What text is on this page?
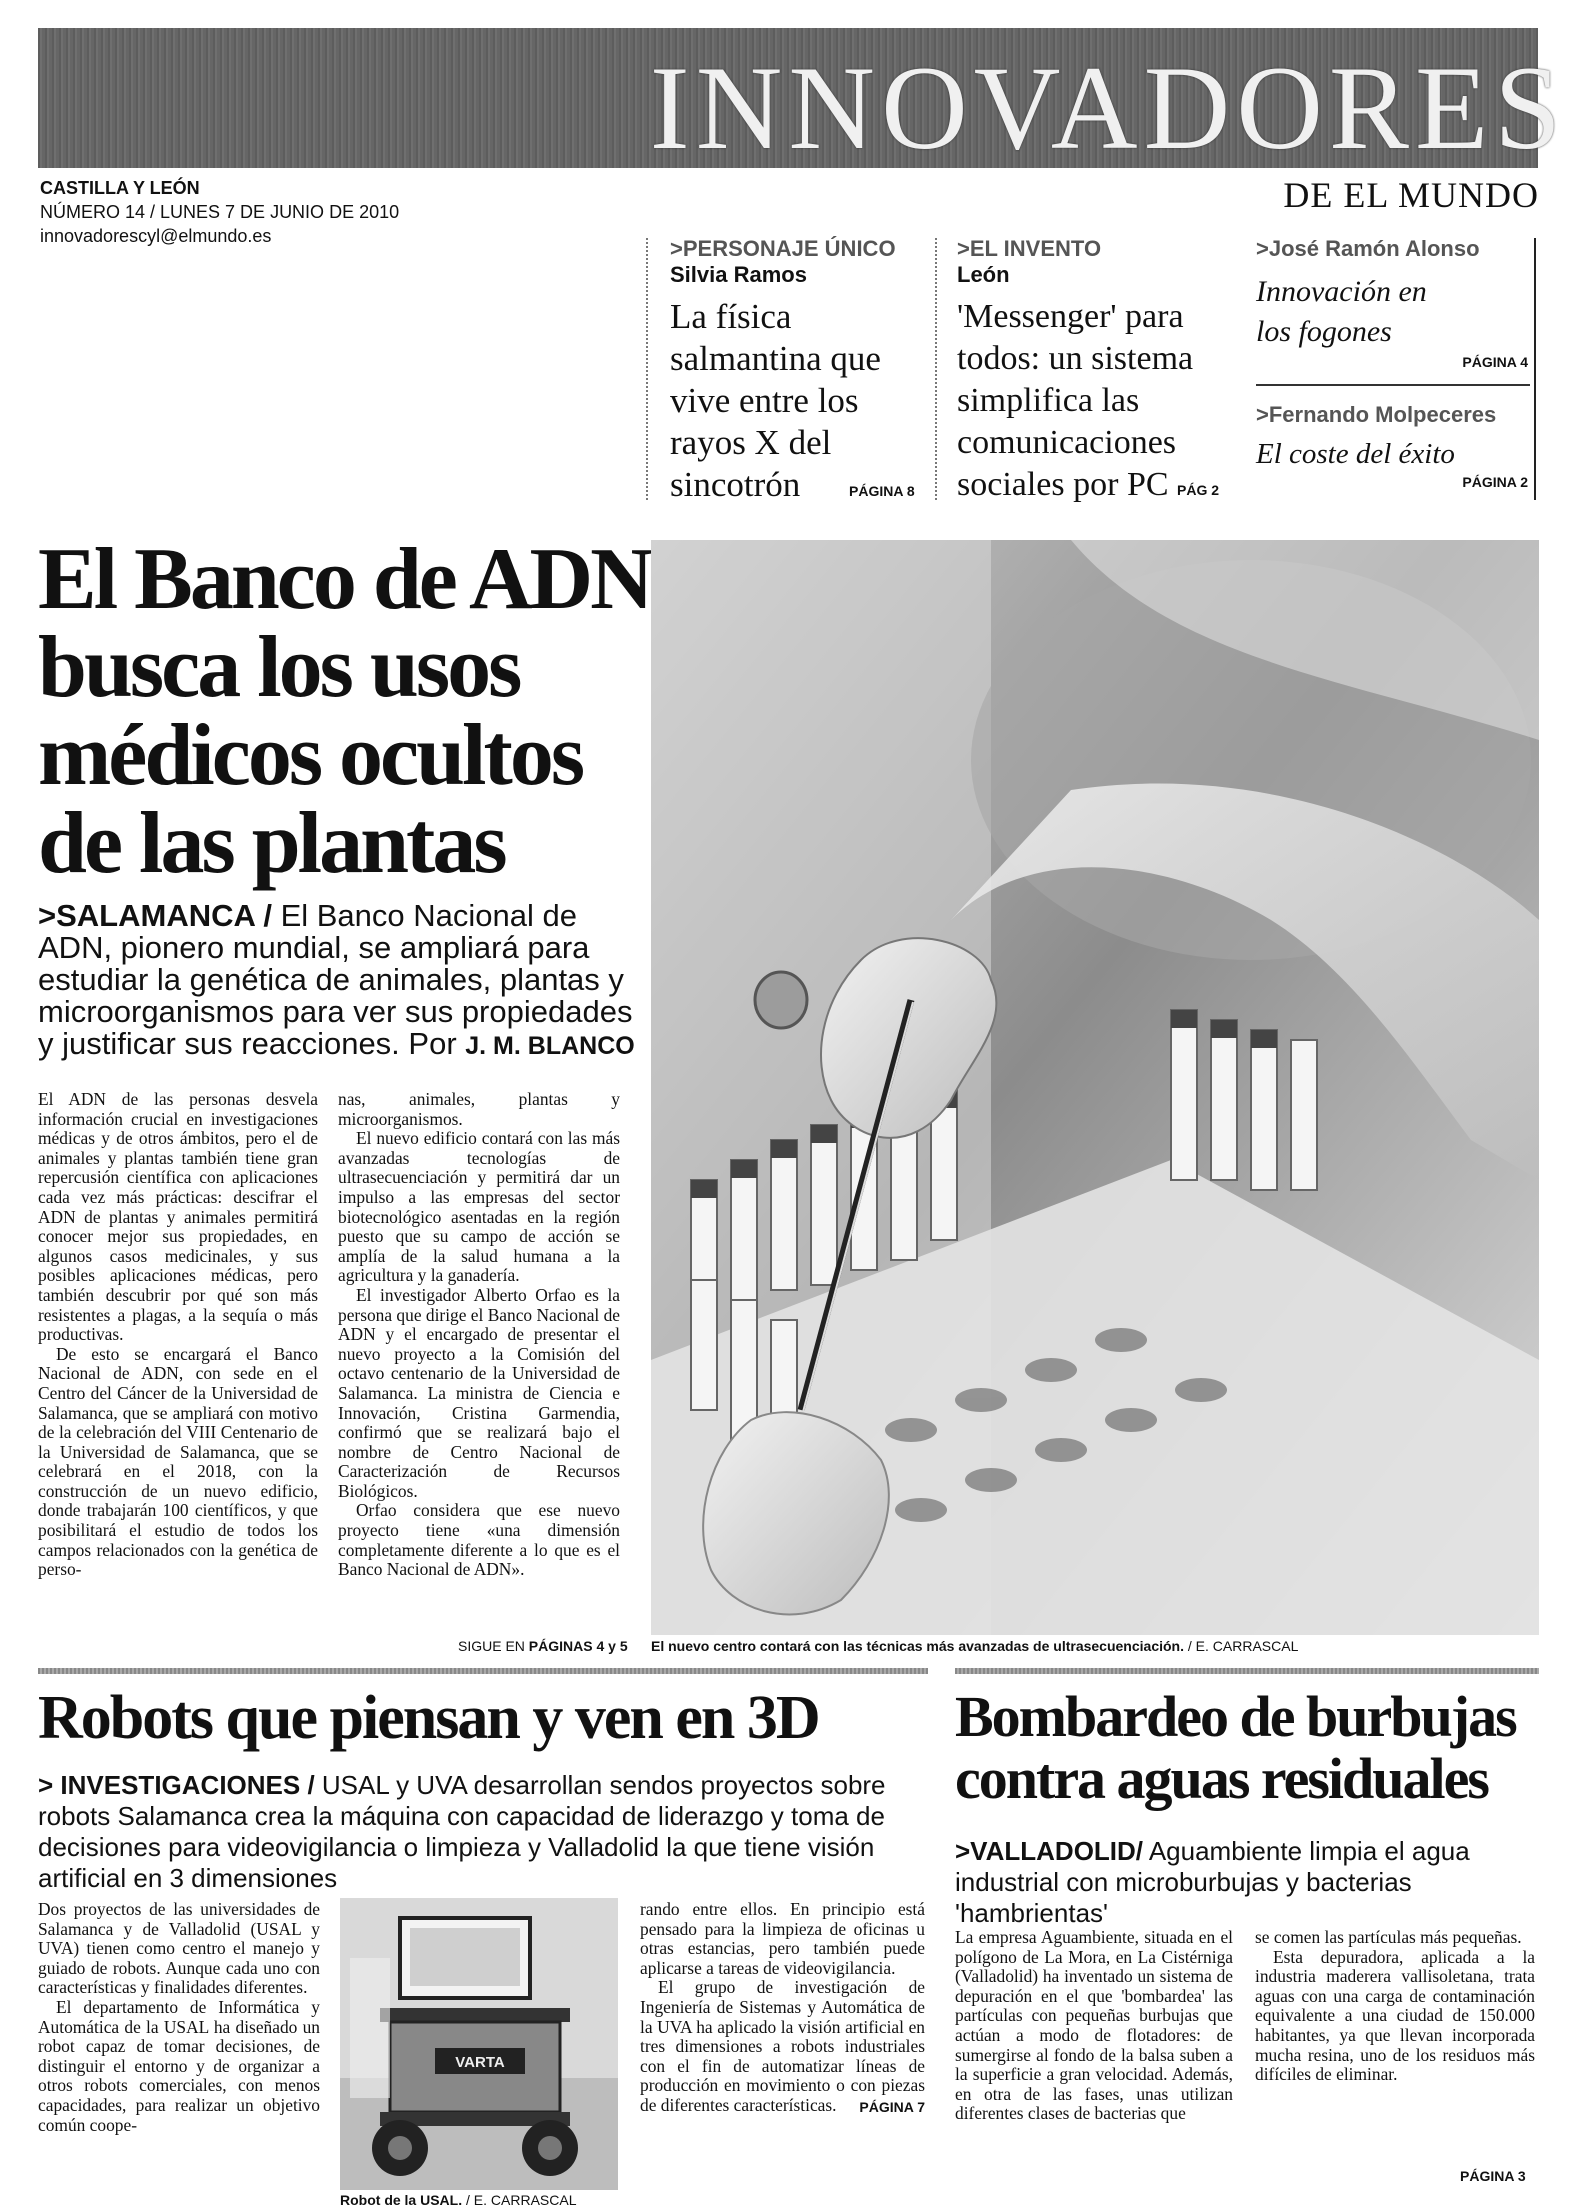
INNOVADORES
DE EL MUNDO
CASTILLA Y LEÓN
NÚMERO 14 / LUNES 7 DE JUNIO DE 2010
innovadorescyl@elmundo.es	>PERSONAJE ÚNICO
Silvia Ramos
La física
salmantina que
vive entre los
rayos X del
sincotrón	PÁGINA 8
>EL INVENTO
León
'Messenger' para
todos: un sistema
simplifica las
comunicaciones
sociales por PC PÁG 2
>José Ramón Alonso
Innovación en
los fogones
PÁGINA 4
>Fernando Molpeceres
El coste del éxito
PÁGINA 2
El Banco de ADN
busca los usos
médicos ocultos
de las plantas
>SALAMANCA / El Banco Nacional de ADN, pionero mundial, se ampliará para estudiar la genética de animales, plantas y microorganismos para ver sus propiedades y justificar sus reacciones. Por J. M. BLANCO

El ADN de las personas desvela información crucial en investigaciones médicas y de otros ámbitos, pero el de animales y plantas también tiene gran repercusión científica con aplicaciones cada vez más prácticas: descifrar el ADN de plantas y animales permitirá conocer mejor sus propiedades, en algunos casos medicinales, y sus posibles aplicaciones médicas, pero también descubrir por qué son más resistentes a plagas, a la sequía o más productivas.

De esto se encargará el Banco Nacional de ADN, con sede en el Centro del Cáncer de la Universidad de Salamanca, que se ampliará con motivo de la celebración del VIII Centenario de la Universidad de Salamanca, que se celebrará en el 2018, con la construcción de un nuevo edificio, donde trabajarán 100 científicos, y que posibilitará el estudio de todos los campos relacionados con la genética de perso-

nas, animales, plantas y microorganismos.

El nuevo edificio contará con las más avanzadas tecnologías de ultrasecuenciación y permitirá dar un impulso a las empresas del sector biotecnológico asentadas en la región puesto que su campo de acción se amplía de la salud humana a la agricultura y la ganadería.

El investigador Alberto Orfao es la persona que dirige el Banco Nacional de ADN y el encargado de presentar el nuevo proyecto a la Comisión del octavo centenario de la Universidad de Salamanca. La ministra de Ciencia e Innovación, Cristina Garmendia, confirmó que se realizará bajo el nombre de Centro Nacional de Caracterización de Recursos Biológicos.

Orfao considera que ese nuevo proyecto tiene «una dimensión completamente diferente a lo que es el Banco Nacional de ADN».

SIGUE EN PÁGINAS 4 y 5 El nuevo centro contará con las técnicas más avanzadas de ultrasecuenciación. / E. CARRASCAL
Robots que piensan y ven en 3D
> INVESTIGACIONES / USAL y UVA desarrollan sendos proyectos sobre robots Salamanca crea la máquina con capacidad de liderazgo y toma de decisiones para videovigilancia o limpieza y Valladolid la que tiene visión artificial en 3 dimensiones

Dos proyectos de las universidades de Salamanca y de Valladolid (USAL y UVA) tienen como centro el manejo y guiado de robots. Aunque cada uno con características y finalidades diferentes.

El departamento de Informática y Automática de la USAL ha diseñado un robot capaz de tomar decisiones, de distinguir el entorno y de organizar a otros robots comerciales, con menos capacidades, para realizar un objetivo común coope-

VARTA
Robot de la USAL. / E. CARRASCAL

rando entre ellos. En principio está pensado para la limpieza de oficinas u otras estancias, pero también puede aplicarse a tareas de videovigilancia.

El grupo de investigación de Ingeniería de Sistemas y Automática de la UVA ha aplicado la visión artificial en tres dimensiones a robots industriales con el fin de automatizar líneas de producción en movimiento o con piezas de diferentes características.	PÁGINA 7
Bombardeo de burbujas
contra aguas residuales
>VALLADOLID/ Aguambiente limpia el agua industrial con microburbujas y bacterias 'hambrientas'

La empresa Aguambiente, situada en el polígono de La Mora, en La Cistérniga (Valladolid) ha inventado un sistema de depuración en el que 'bombardea' las partículas con pequeñas burbujas que actúan a modo de flotadores: de sumergirse al fondo de la balsa suben a la superficie a gran velocidad. Además, en otra de las fases, unas utilizan diferentes clases de bacterias que

se comen las partículas más pequeñas.

Esta depuradora, aplicada a la industria maderera vallisoletana, trata aguas con una carga de contaminación equivalente a una ciudad de 150.000 habitantes, ya que llevan incorporada mucha resina, uno de los residuos más difíciles de eliminar.

PÁGINA 3
